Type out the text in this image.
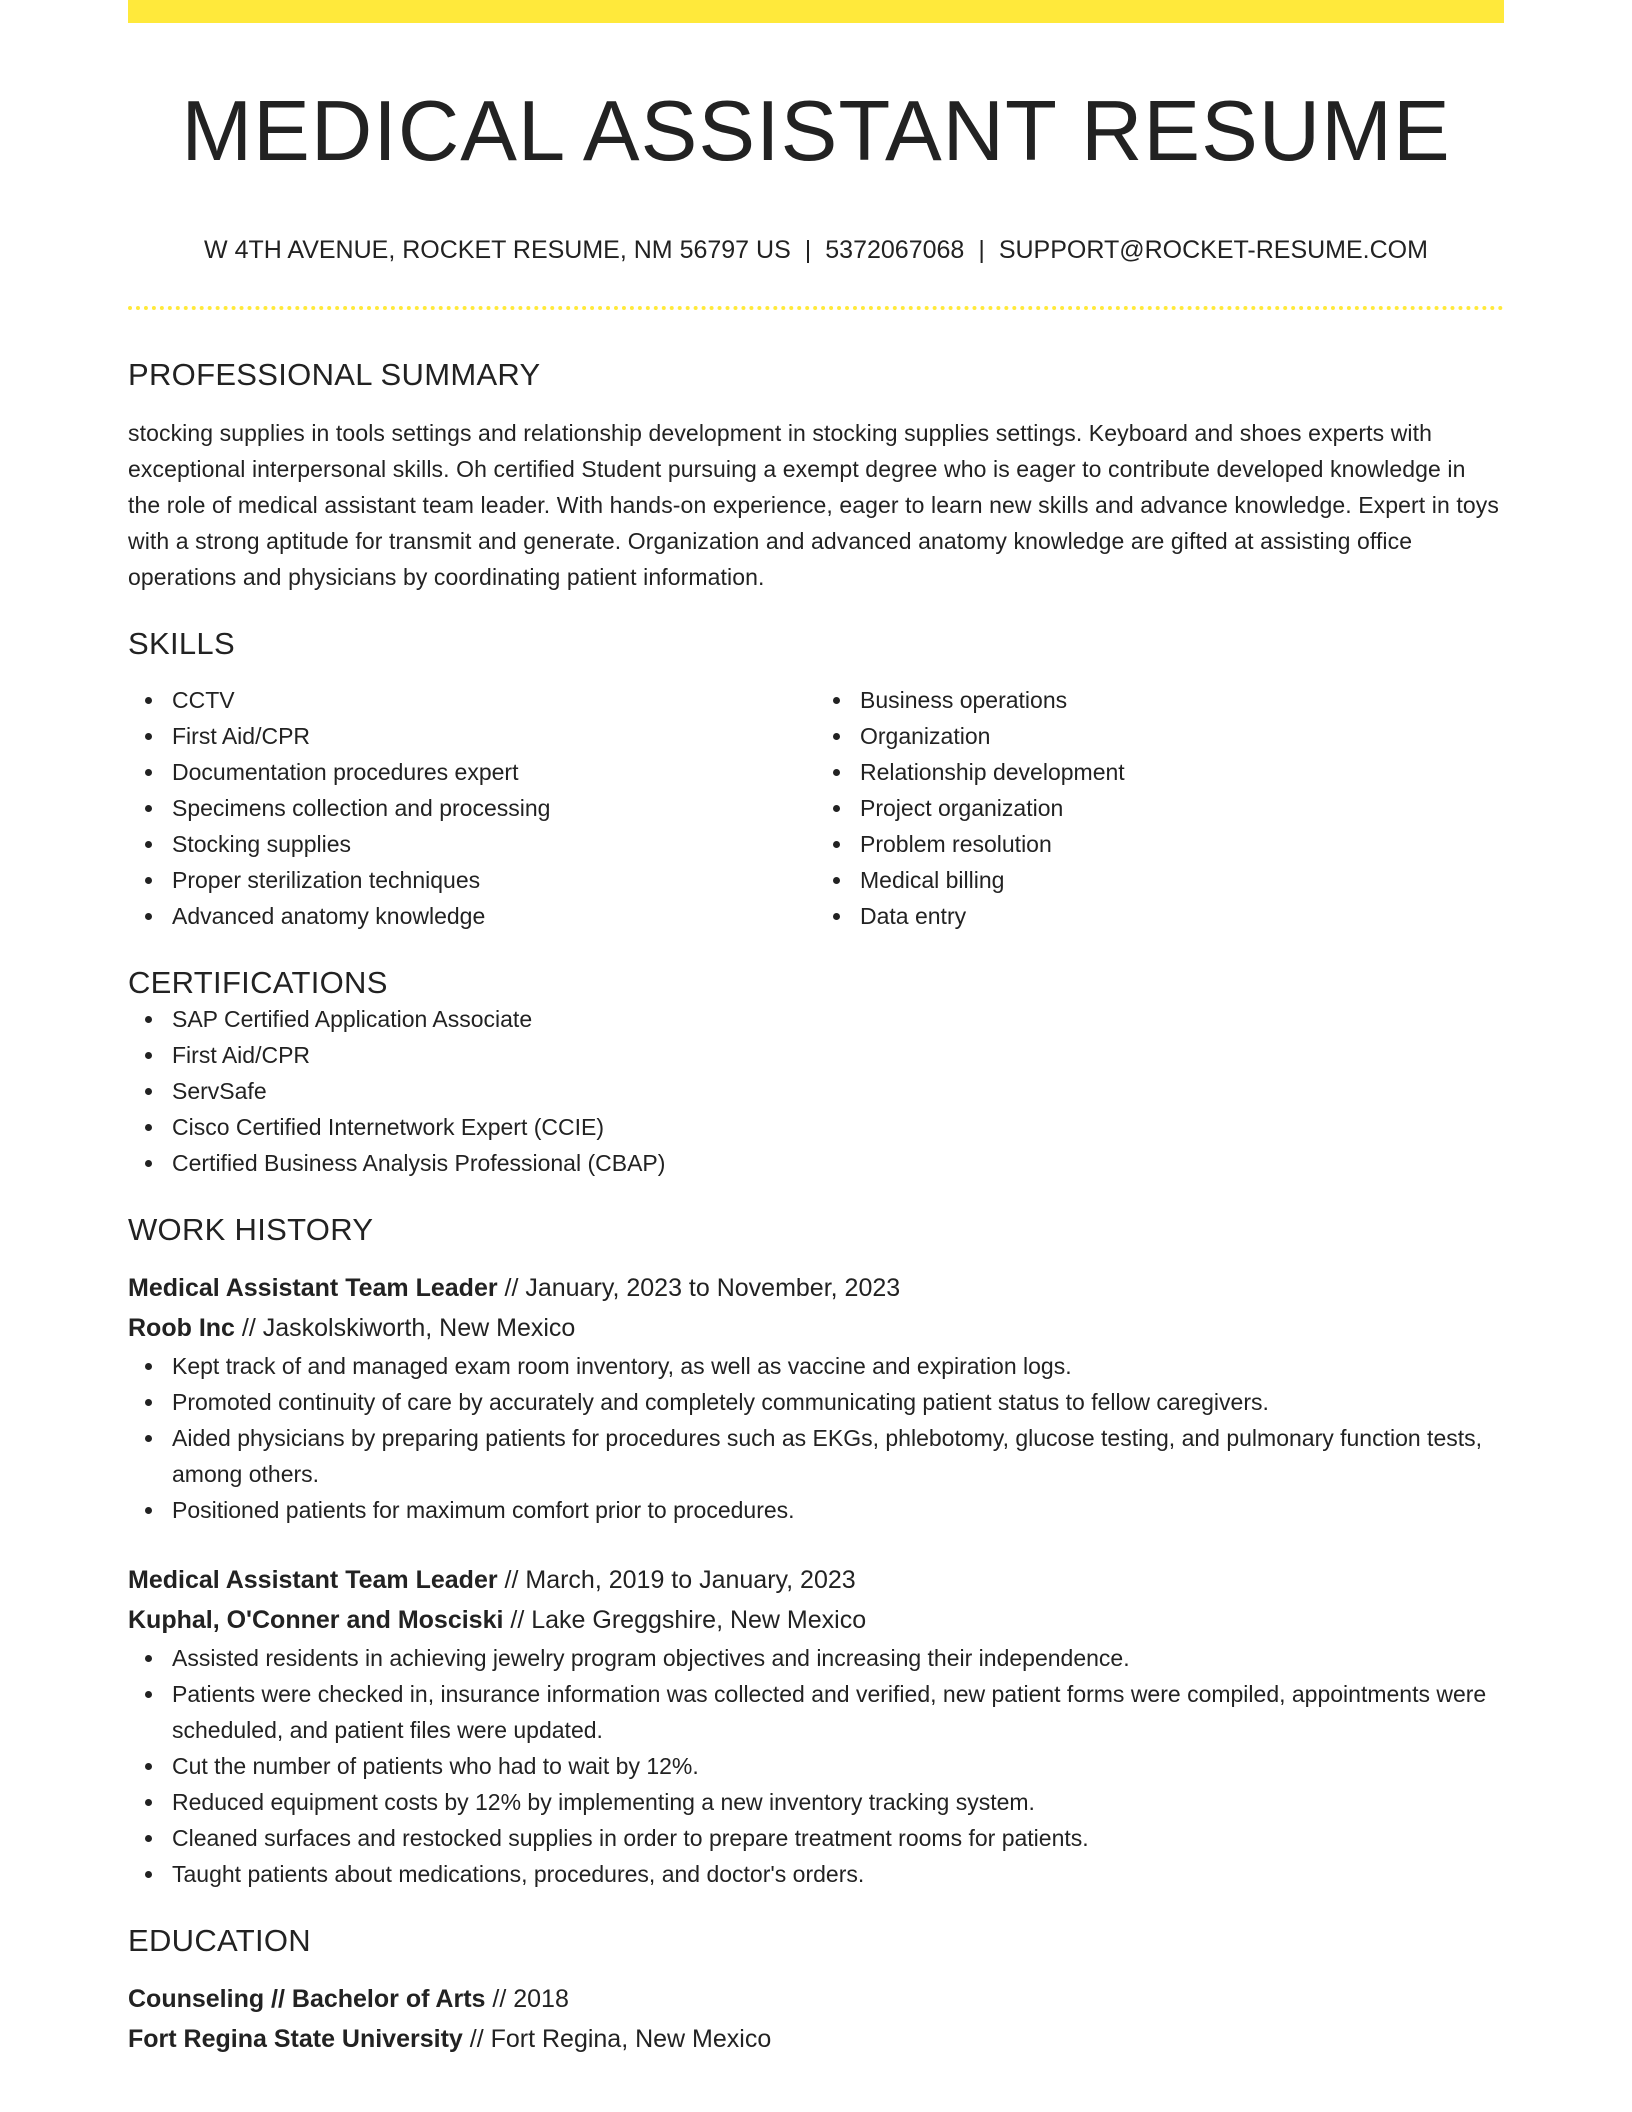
MEDICAL ASSISTANT RESUME
W 4TH AVENUE, ROCKET RESUME, NM 56797 US | 5372067068 | SUPPORT@ROCKET-RESUME.COM
PROFESSIONAL SUMMARY
stocking supplies in tools settings and relationship development in stocking supplies settings. Keyboard and shoes experts with exceptional interpersonal skills. Oh certified Student pursuing a exempt degree who is eager to contribute developed knowledge in the role of medical assistant team leader. With hands-on experience, eager to learn new skills and advance knowledge. Expert in toys with a strong aptitude for transmit and generate. Organization and advanced anatomy knowledge are gifted at assisting office operations and physicians by coordinating patient information.
SKILLS
CCTV
First Aid/CPR
Documentation procedures expert
Specimens collection and processing
Stocking supplies
Proper sterilization techniques
Advanced anatomy knowledge
Business operations
Organization
Relationship development
Project organization
Problem resolution
Medical billing
Data entry
CERTIFICATIONS
SAP Certified Application Associate
First Aid/CPR
ServSafe
Cisco Certified Internetwork Expert (CCIE)
Certified Business Analysis Professional (CBAP)
WORK HISTORY
Medical Assistant Team Leader // January, 2023 to November, 2023
Roob Inc // Jaskolskiworth, New Mexico
Kept track of and managed exam room inventory, as well as vaccine and expiration logs.
Promoted continuity of care by accurately and completely communicating patient status to fellow caregivers.
Aided physicians by preparing patients for procedures such as EKGs, phlebotomy, glucose testing, and pulmonary function tests, among others.
Positioned patients for maximum comfort prior to procedures.
Medical Assistant Team Leader // March, 2019 to January, 2023
Kuphal, O'Conner and Mosciski // Lake Greggshire, New Mexico
Assisted residents in achieving jewelry program objectives and increasing their independence.
Patients were checked in, insurance information was collected and verified, new patient forms were compiled, appointments were scheduled, and patient files were updated.
Cut the number of patients who had to wait by 12%.
Reduced equipment costs by 12% by implementing a new inventory tracking system.
Cleaned surfaces and restocked supplies in order to prepare treatment rooms for patients.
Taught patients about medications, procedures, and doctor's orders.
EDUCATION
Counseling // Bachelor of Arts // 2018
Fort Regina State University // Fort Regina, New Mexico
